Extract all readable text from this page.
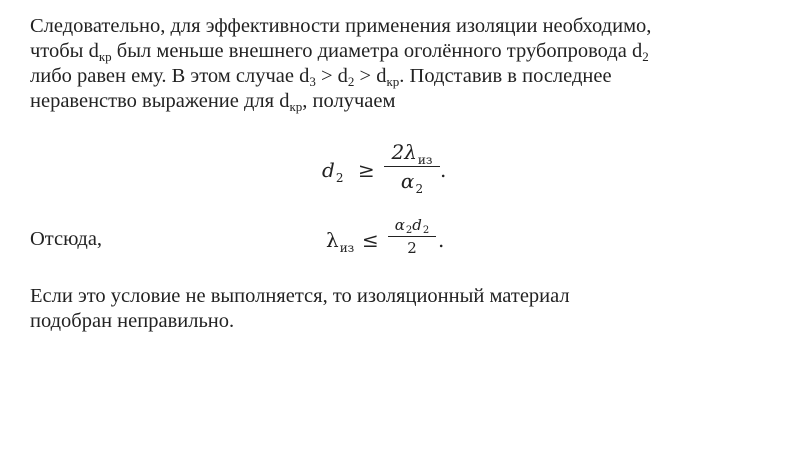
Следовательно, для эффективности применения изоляции необходимо,
чтобы $d_{кр}$ был меньше внешнего диаметра оголённого трубопровода $d_2$
либо равен ему. В этом случае $d_3 > d_2 > d_{кр}$. Подставив в последнее
неравенство выражение для $d_{кр}$, получаем
$d_2$ ≥
$2\lambda_{из}$
$\alpha_2$
.
Отсюда,	$\lambda_{из}$ ≤
$\alpha_2d_2$
2	.
Если это условие не выполняется, то изоляционный материал
подобран неправильно.
